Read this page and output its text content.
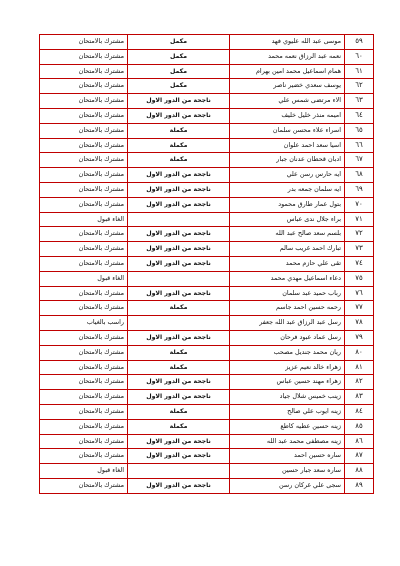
٥٩	موسى عبد الله عليوي فهد	مكمل	مشترك بالامتحان
٦٠	نعمه عبد الرزاق نعمه محمد	مكمل	مشترك بالامتحان
٦١	همام اسماعيل محمد امين بهرام	مكمل	مشترك بالامتحان
٦٢	يوسف سعدي خضير ناصر	مكمل	مشترك بالامتحان
٦٣	الاء مرتضى شمس علي	ناجحة من الدور الاول	مشترك بالامتحان
٦٤	اميمه منذر خليل خليف	ناجحة من الدور الاول	مشترك بالامتحان
٦٥	اسراء علاء محسن سلمان	مكملة	مشترك بالامتحان
٦٦	اسيا سعد احمد علوان	مكملة	مشترك بالامتحان
٦٧	ادبان قحطان عدنان جبار	مكملة	مشترك بالامتحان
٦٨	ايه حارس رسن علي	ناجحة من الدور الاول	مشترك بالامتحان
٦٩	ايه سلمان جمعه بدر	ناجحة من الدور الاول	مشترك بالامتحان
٧٠	بتول عمار طارق محمود	ناجحة من الدور الاول	مشترك بالامتحان
٧١	براء جلال ندى عباس		الغاء قبول
٧٢	بلسم سعد صالح عبد الله	ناجحة من الدور الاول	مشترك بالامتحان
٧٣	تبارك احمد غريب سالم	ناجحة من الدور الاول	مشترك بالامتحان
٧٤	تقى علي حازم محمد	ناجحة من الدور الاول	مشترك بالامتحان
٧٥	دعاء اسماعيل مهدي محمد		الغاء قبول
٧٦	رباب حميد عبد سلمان	ناجحة من الدور الاول	مشترك بالامتحان
٧٧	رحمه حسين احمد جاسم	مكملة	مشترك بالامتحان
٧٨	رسل عبد الرزاق عبد الله جعفر		راسب بالغياب
٧٩	رسل عماد عبود فرحان	ناجحة من الدور الاول	مشترك بالامتحان
٨٠	ريان محمد جنديل مصحب	مكملة	مشترك بالامتحان
٨١	زهراء خالد نعيم عزيز	مكملة	مشترك بالامتحان
٨٢	زهراء مهند حسين عباس	ناجحة من الدور الاول	مشترك بالامتحان
٨٣	زينب خميس شلال جياد	ناجحة من الدور الاول	مشترك بالامتحان
٨٤	زينه ايوب علي صالح	مكملة	مشترك بالامتحان
٨٥	زينه حسين عطيه كاطع	مكملة	مشترك بالامتحان
٨٦	زينه مصطفى محمد عبد الله	ناجحة من الدور الاول	مشترك بالامتحان
٨٧	ساره حسين احمد	ناجحة من الدور الاول	مشترك بالامتحان
٨٨	ساره سعد جبار حسين		الغاء قبول
٨٩	سجى علي غركان رسن	ناجحة من الدور الاول	مشترك بالامتحان
